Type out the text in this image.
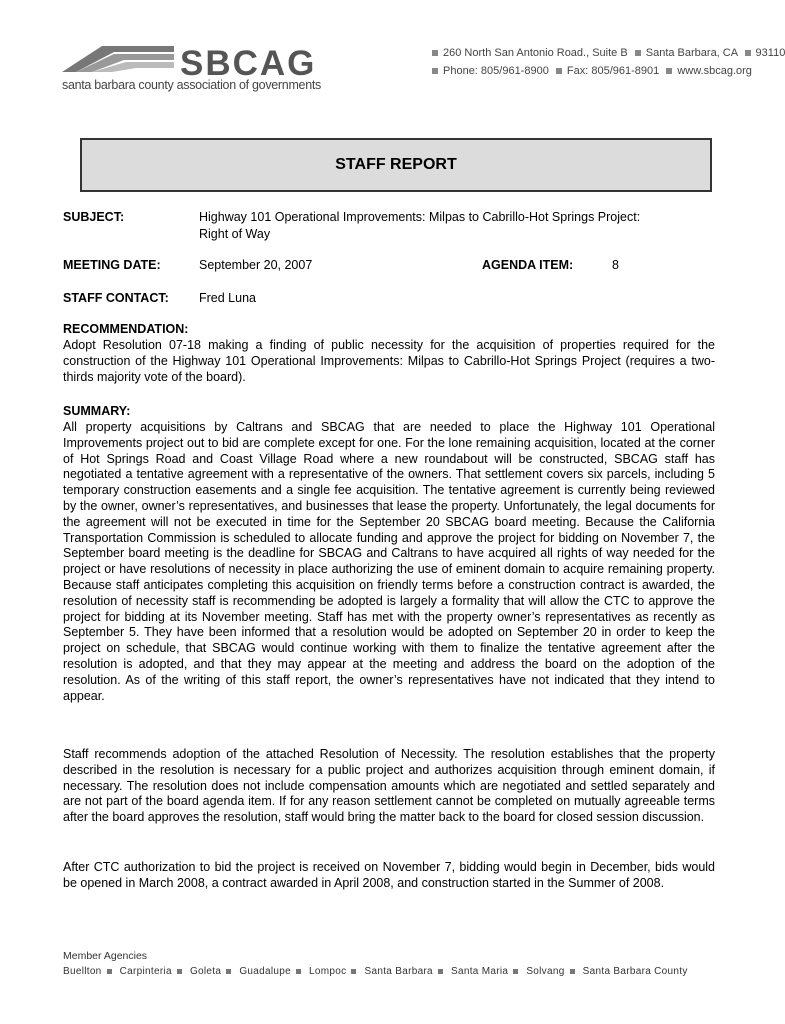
SBCAG
santa barbara county association of governments
260 North San Antonio Road., Suite B Santa Barbara, CA 93110
Phone: 805/961-8900 Fax: 805/961-8901 www.sbcag.org
STAFF REPORT
SUBJECT:	Highway 101 Operational Improvements: Milpas to Cabrillo-Hot Springs Project:
Right of Way
MEETING DATE:	September 20, 2007	AGENDA ITEM:	8
STAFF CONTACT: Fred Luna
RECOMMENDATION:

Adopt Resolution 07-18 making a finding of public necessity for the acquisition of properties required for the construction of the Highway 101 Operational Improvements: Milpas to Cabrillo-Hot Springs Project (requires a two-thirds majority vote of the board).

SUMMARY:

All property acquisitions by Caltrans and SBCAG that are needed to place the Highway 101 Operational Improvements project out to bid are complete except for one. For the lone remaining acquisition, located at the corner of Hot Springs Road and Coast Village Road where a new roundabout will be constructed, SBCAG staff has negotiated a tentative agreement with a representative of the owners. That settlement covers six parcels, including 5 temporary construction easements and a single fee acquisition. The tentative agreement is currently being reviewed by the owner, owner’s representatives, and businesses that lease the property. Unfortunately, the legal documents for the agreement will not be executed in time for the September 20 SBCAG board meeting. Because the California Transportation Commission is scheduled to allocate funding and approve the project for bidding on November 7, the September board meeting is the deadline for SBCAG and Caltrans to have acquired all rights of way needed for the project or have resolutions of necessity in place authorizing the use of eminent domain to acquire remaining property. Because staff anticipates completing this acquisition on friendly terms before a construction contract is awarded, the resolution of necessity staff is recommending be adopted is largely a formality that will allow the CTC to approve the project for bidding at its November meeting. Staff has met with the property owner’s representatives as recently as September 5. They have been informed that a resolution would be adopted on September 20 in order to keep the project on schedule, that SBCAG would continue working with them to finalize the tentative agreement after the resolution is adopted, and that they may appear at the meeting and address the board on the adoption of the resolution. As of the writing of this staff report, the owner’s representatives have not indicated that they intend to appear.

Staff recommends adoption of the attached Resolution of Necessity. The resolution establishes that the property described in the resolution is necessary for a public project and authorizes acquisition through eminent domain, if necessary. The resolution does not include compensation amounts which are negotiated and settled separately and are not part of the board agenda item. If for any reason settlement cannot be completed on mutually agreeable terms after the board approves the resolution, staff would bring the matter back to the board for closed session discussion.

After CTC authorization to bid the project is received on November 7, bidding would begin in December, bids would be opened in March 2008, a contract awarded in April 2008, and construction started in the Summer of 2008.

Member Agencies
Buellton Carpinteria Goleta Guadalupe Lompoc Santa Barbara Santa Maria Solvang Santa Barbara County
